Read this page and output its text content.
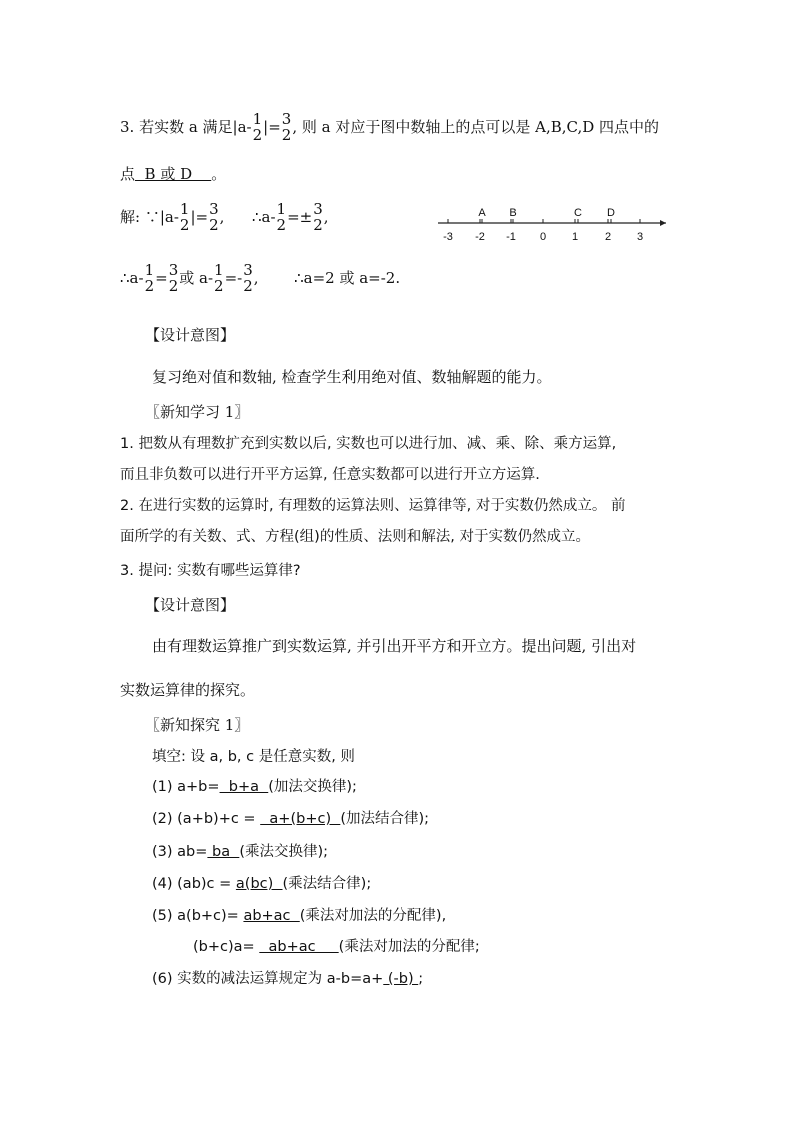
3. 若实数 a 满足|a- 1
2 |= 3
2 , 则 a 对应于图中数轴上的点可以是 A,B,C,D 四点中的
点  B 或 D    。
解: ∵|a- 1
2 |= 3
2 , ∴a- 1
2 =± 3
2 ,
-3 -2 -1 0 1 2 3
A B	C D
∴a- 1
2 = 3
2 或 a- 1
2 =- 3
2 , ∴a=2 或 a=-2.
【设计意图】
复习绝对值和数轴, 检查学生利用绝对值、数轴解题的能力。
〖新知学习 1〗
1. 把数从有理数扩充到实数以后, 实数也可以进行加、减、乘、除、乘方运算,
而且非负数可以进行开平方运算, 任意实数都可以进行开立方运算.
2. 在进行实数的运算时, 有理数的运算法则、运算律等, 对于实数仍然成立。 前
面所学的有关数、式、方程(组)的性质、法则和解法, 对于实数仍然成立。
3. 提问: 实数有哪些运算律?
【设计意图】
由有理数运算推广到实数运算, 并引出开平方和开立方。提出问题, 引出对
实数运算律的探究。
〖新知探究 1〗
填空: 设 a, b, c 是任意实数, 则
(1) a+b=  b+a  (加法交换律);
(2) (a+b)+c =   a+(b+c)  (加法结合律);
(3) ab= ba  (乘法交换律);
(4) (ab)c = a(bc)  (乘法结合律);
(5) a(b+c)= ab+ac  (乘法对加法的分配律),
(b+c)a=   ab+ac     (乘法对加法的分配律;
(6) 实数的减法运算规定为 a-b=a+ (-b) ;
